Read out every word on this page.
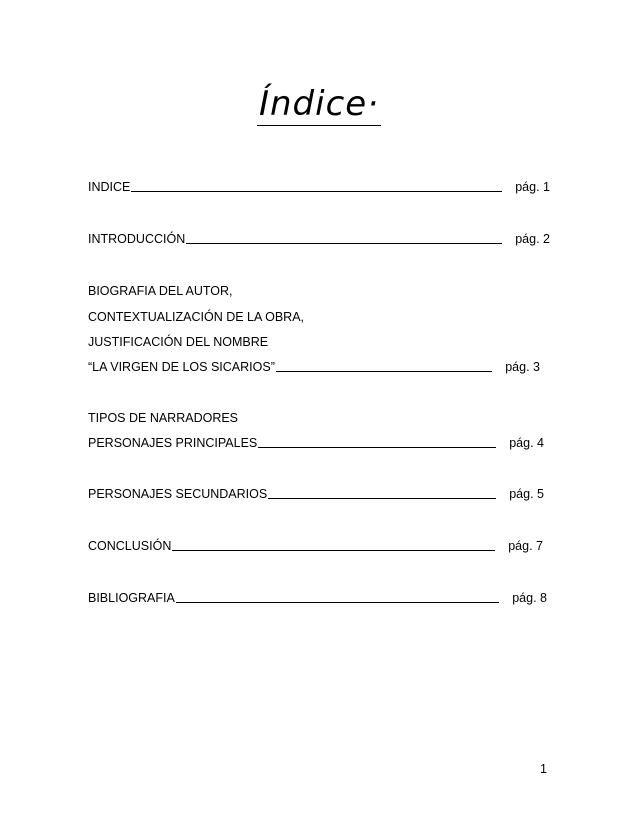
Índice·
INDICE	pág. 1
INTRODUCCIÓN	pág. 2
BIOGRAFIA DEL AUTOR,
CONTEXTUALIZACIÓN DE LA OBRA,
JUSTIFICACIÓN DEL NOMBRE
“LA VIRGEN DE LOS SICARIOS”	pág. 3
TIPOS DE NARRADORES
PERSONAJES PRINCIPALES	pág. 4
PERSONAJES SECUNDARIOS	pág. 5
CONCLUSIÓN	pág. 7
BIBLIOGRAFIA	pág. 8
1
